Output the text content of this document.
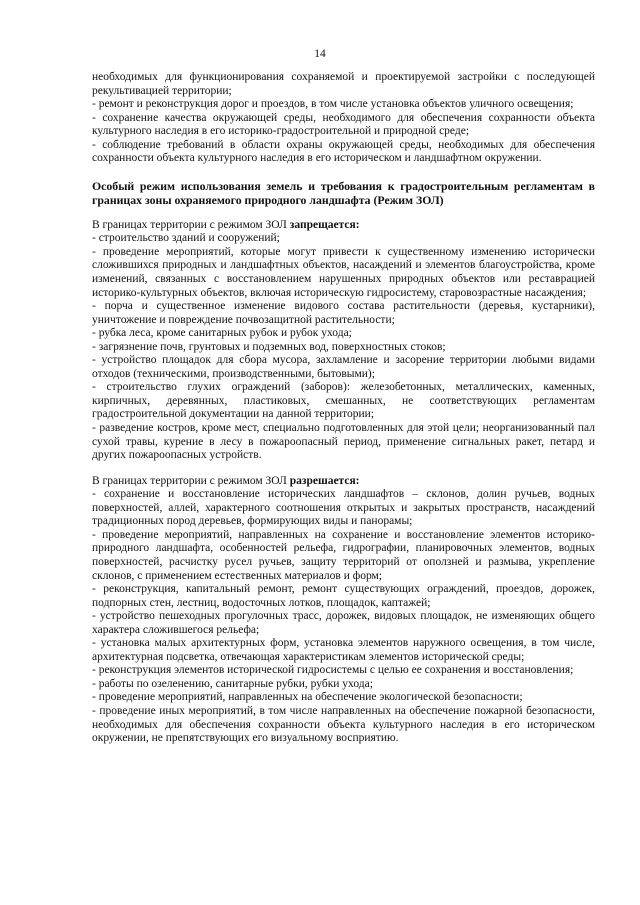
14

необходимых для функционирования сохраняемой и проектируемой застройки с последующей рекультивацией территории;

- ремонт и реконструкция дорог и проездов, в том числе установка объектов уличного освещения;

- сохранение качества окружающей среды, необходимого для обеспечения сохранности объекта культурного наследия в его историко-градостроительной и природной среде;

- соблюдение требований в области охраны окружающей среды, необходимых для обеспечения сохранности объекта культурного наследия в его историческом и ландшафтном окружении.

Особый режим использования земель и требования к градостроительным регламентам в границах зоны охраняемого природного ландшафта (Режим ЗОЛ)

В границах территории с режимом ЗОЛ запрещается:

- строительство зданий и сооружений;

- проведение мероприятий, которые могут привести к существенному изменению исторически сложившихся природных и ландшафтных объектов, насаждений и элементов благоустройства, кроме изменений, связанных с восстановлением нарушенных природных объектов или реставрацией историко-культурных объектов, включая историческую гидросистему, старовозрастные насаждения;

- порча и существенное изменение видового состава растительности (деревья, кустарники), уничтожение и повреждение почвозащитной растительности;

- рубка леса, кроме санитарных рубок и рубок ухода;

- загрязнение почв, грунтовых и подземных вод, поверхностных стоков;

- устройство площадок для сбора мусора, захламление и засорение территории любыми видами отходов (техническими, производственными, бытовыми);

- строительство глухих ограждений (заборов): железобетонных, металлических, каменных, кирпичных, деревянных, пластиковых, смешанных, не соответствующих регламентам градостроительной документации на данной территории;

- разведение костров, кроме мест, специально подготовленных для этой цели; неорганизованный пал сухой травы, курение в лесу в пожароопасный период, применение сигнальных ракет, петард и других пожароопасных устройств.

В границах территории с режимом ЗОЛ разрешается:

- сохранение и восстановление исторических ландшафтов – склонов, долин ручьев, водных поверхностей, аллей, характерного соотношения открытых и закрытых пространств, насаждений традиционных пород деревьев, формирующих виды и панорамы;

- проведение мероприятий, направленных на сохранение и восстановление элементов историко-природного ландшафта, особенностей рельефа, гидрографии, планировочных элементов, водных поверхностей, расчистку русел ручьев, защиту территорий от оползней и размыва, укрепление склонов, с применением естественных материалов и форм;

- реконструкция, капитальный ремонт, ремонт существующих ограждений, проездов, дорожек, подпорных стен, лестниц, водосточных лотков, площадок, каптажей;

- устройство пешеходных прогулочных трасс, дорожек, видовых площадок, не изменяющих общего характера сложившегося рельефа;

- установка малых архитектурных форм, установка элементов наружного освещения, в том числе, архитектурная подсветка, отвечающая характеристикам элементов исторической среды;

- реконструкция элементов исторической гидросистемы с целью ее сохранения и восстановления;

- работы по озеленению, санитарные рубки, рубки ухода;

- проведение мероприятий, направленных на обеспечение экологической безопасности;

- проведение иных мероприятий, в том числе направленных на обеспечение пожарной безопасности, необходимых для обеспечения сохранности объекта культурного наследия в его историческом окружении, не препятствующих его визуальному восприятию.
